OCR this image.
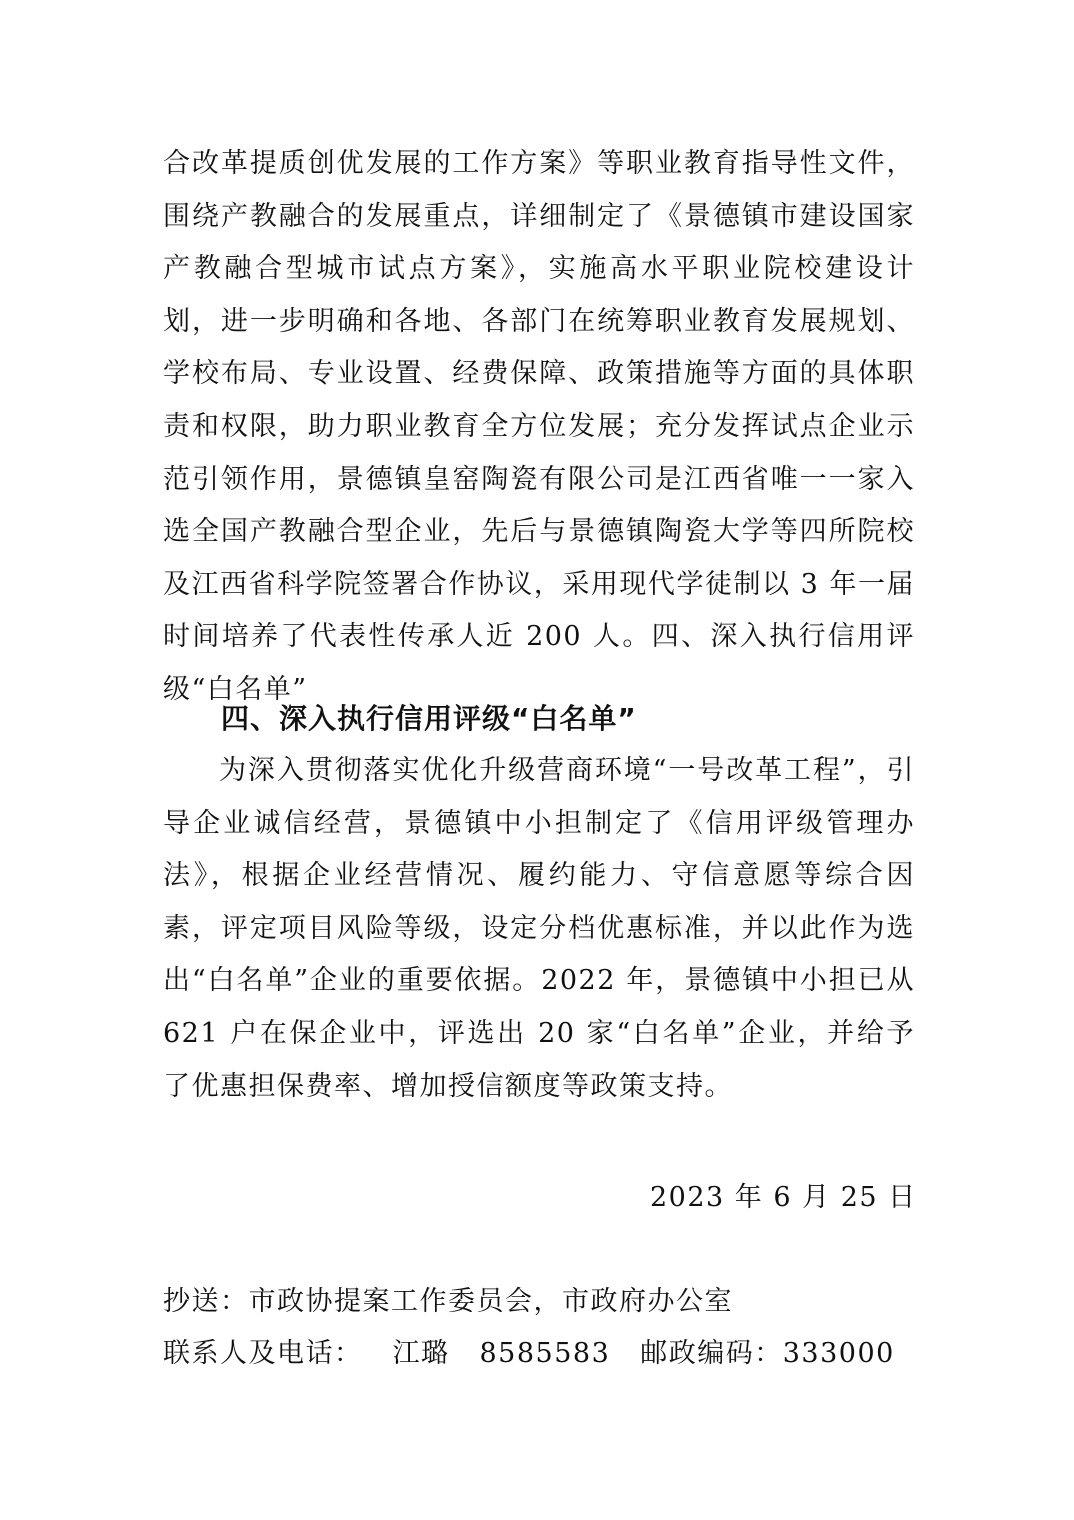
合改革提质创优发展的工作方案》等职业教育指导性文件，围绕产教融合的发展重点，详细制定了《景德镇市建设国家产教融合型城市试点方案》，实施高水平职业院校建设计划，进一步明确和各地、各部门在统筹职业教育发展规划、学校布局、专业设置、经费保障、政策措施等方面的具体职责和权限，助力职业教育全方位发展；充分发挥试点企业示范引领作用，景德镇皇窑陶瓷有限公司是江西省唯一一家入选全国产教融合型企业，先后与景德镇陶瓷大学等四所院校及江西省科学院签署合作协议，采用现代学徒制以 3 年一届时间培养了代表性传承人近 200 人。四、深入执行信用评级“白名单”

四、深入执行信用评级“白名单”

为深入贯彻落实优化升级营商环境“一号改革工程”，引导企业诚信经营，景德镇中小担制定了《信用评级管理办法》，根据企业经营情况、履约能力、守信意愿等综合因素，评定项目风险等级，设定分档优惠标准，并以此作为选出“白名单”企业的重要依据。2022 年，景德镇中小担已从 621 户在保企业中，评选出 20 家“白名单”企业，并给予了优惠担保费率、增加授信额度等政策支持。

2023 年 6 月 25 日

抄送：市政协提案工作委员会，市政府办公室

联系人及电话： 江璐 8585583 邮政编码：333000
